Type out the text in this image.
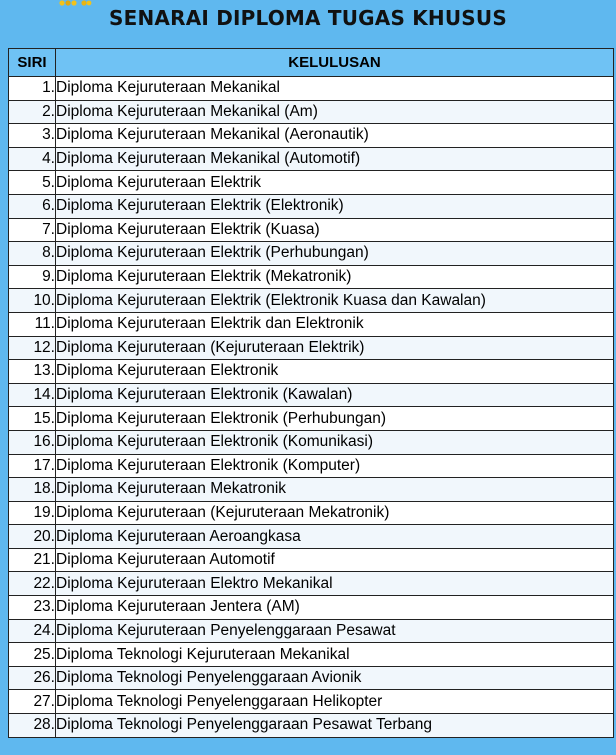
SENARAI DIPLOMA TUGAS KHUSUS
SIRI	KELULUSAN
1.	Diploma Kejuruteraan Mekanikal
2.	Diploma Kejuruteraan Mekanikal (Am)
3.	Diploma Kejuruteraan Mekanikal (Aeronautik)
4.	Diploma Kejuruteraan Mekanikal (Automotif)
5.	Diploma Kejuruteraan Elektrik
6.	Diploma Kejuruteraan Elektrik (Elektronik)
7.	Diploma Kejuruteraan Elektrik (Kuasa)
8.	Diploma Kejuruteraan Elektrik (Perhubungan)
9.	Diploma Kejuruteraan Elektrik (Mekatronik)
10.	Diploma Kejuruteraan Elektrik (Elektronik Kuasa dan Kawalan)
11.	Diploma Kejuruteraan Elektrik dan Elektronik
12.	Diploma Kejuruteraan (Kejuruteraan Elektrik)
13.	Diploma Kejuruteraan Elektronik
14.	Diploma Kejuruteraan Elektronik (Kawalan)
15.	Diploma Kejuruteraan Elektronik (Perhubungan)
16.	Diploma Kejuruteraan Elektronik (Komunikasi)
17.	Diploma Kejuruteraan Elektronik (Komputer)
18.	Diploma Kejuruteraan Mekatronik
19.	Diploma Kejuruteraan (Kejuruteraan Mekatronik)
20.	Diploma Kejuruteraan Aeroangkasa
21.	Diploma Kejuruteraan Automotif
22.	Diploma Kejuruteraan Elektro Mekanikal
23.	Diploma Kejuruteraan Jentera (AM)
24.	Diploma Kejuruteraan Penyelenggaraan Pesawat
25.	Diploma Teknologi Kejuruteraan Mekanikal
26.	Diploma Teknologi Penyelenggaraan Avionik
27.	Diploma Teknologi Penyelenggaraan Helikopter
28.	Diploma Teknologi Penyelenggaraan Pesawat Terbang
